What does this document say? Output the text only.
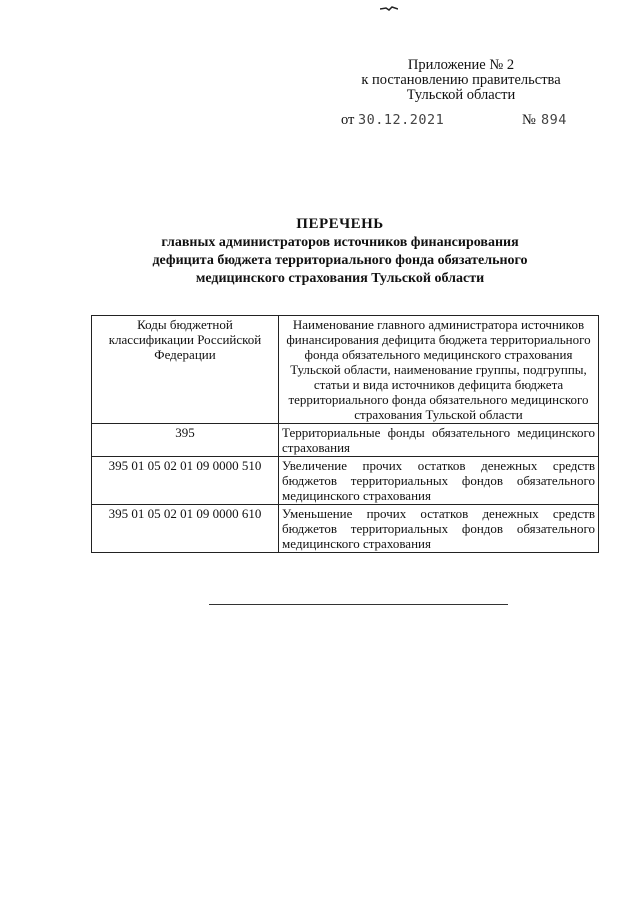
Приложение № 2
к постановлению правительства
Тульской области
от 30.12.2021	№ 894
ПЕРЕЧЕНЬ
главных администраторов источников финансирования
дефицита бюджета территориального фонда обязательного
медицинского страхования Тульской области
Коды бюджетной классификации Российской Федерации	Наименование главного администратора источников финансирования дефицита бюджета территориального фонда обязательного медицинского страхования Тульской области, наименование группы, подгруппы, статьи и вида источников дефицита бюджета территориального фонда обязательного медицинского страхования Тульской области
395	Территориальные фонды обязательного медицинского страхования
395 01 05 02 01 09 0000 510	Увеличение прочих остатков денежных средств бюджетов территориальных фондов обязательного медицинского страхования
395 01 05 02 01 09 0000 610	Уменьшение прочих остатков денежных средств бюджетов территориальных фондов обязательного медицинского страхования
